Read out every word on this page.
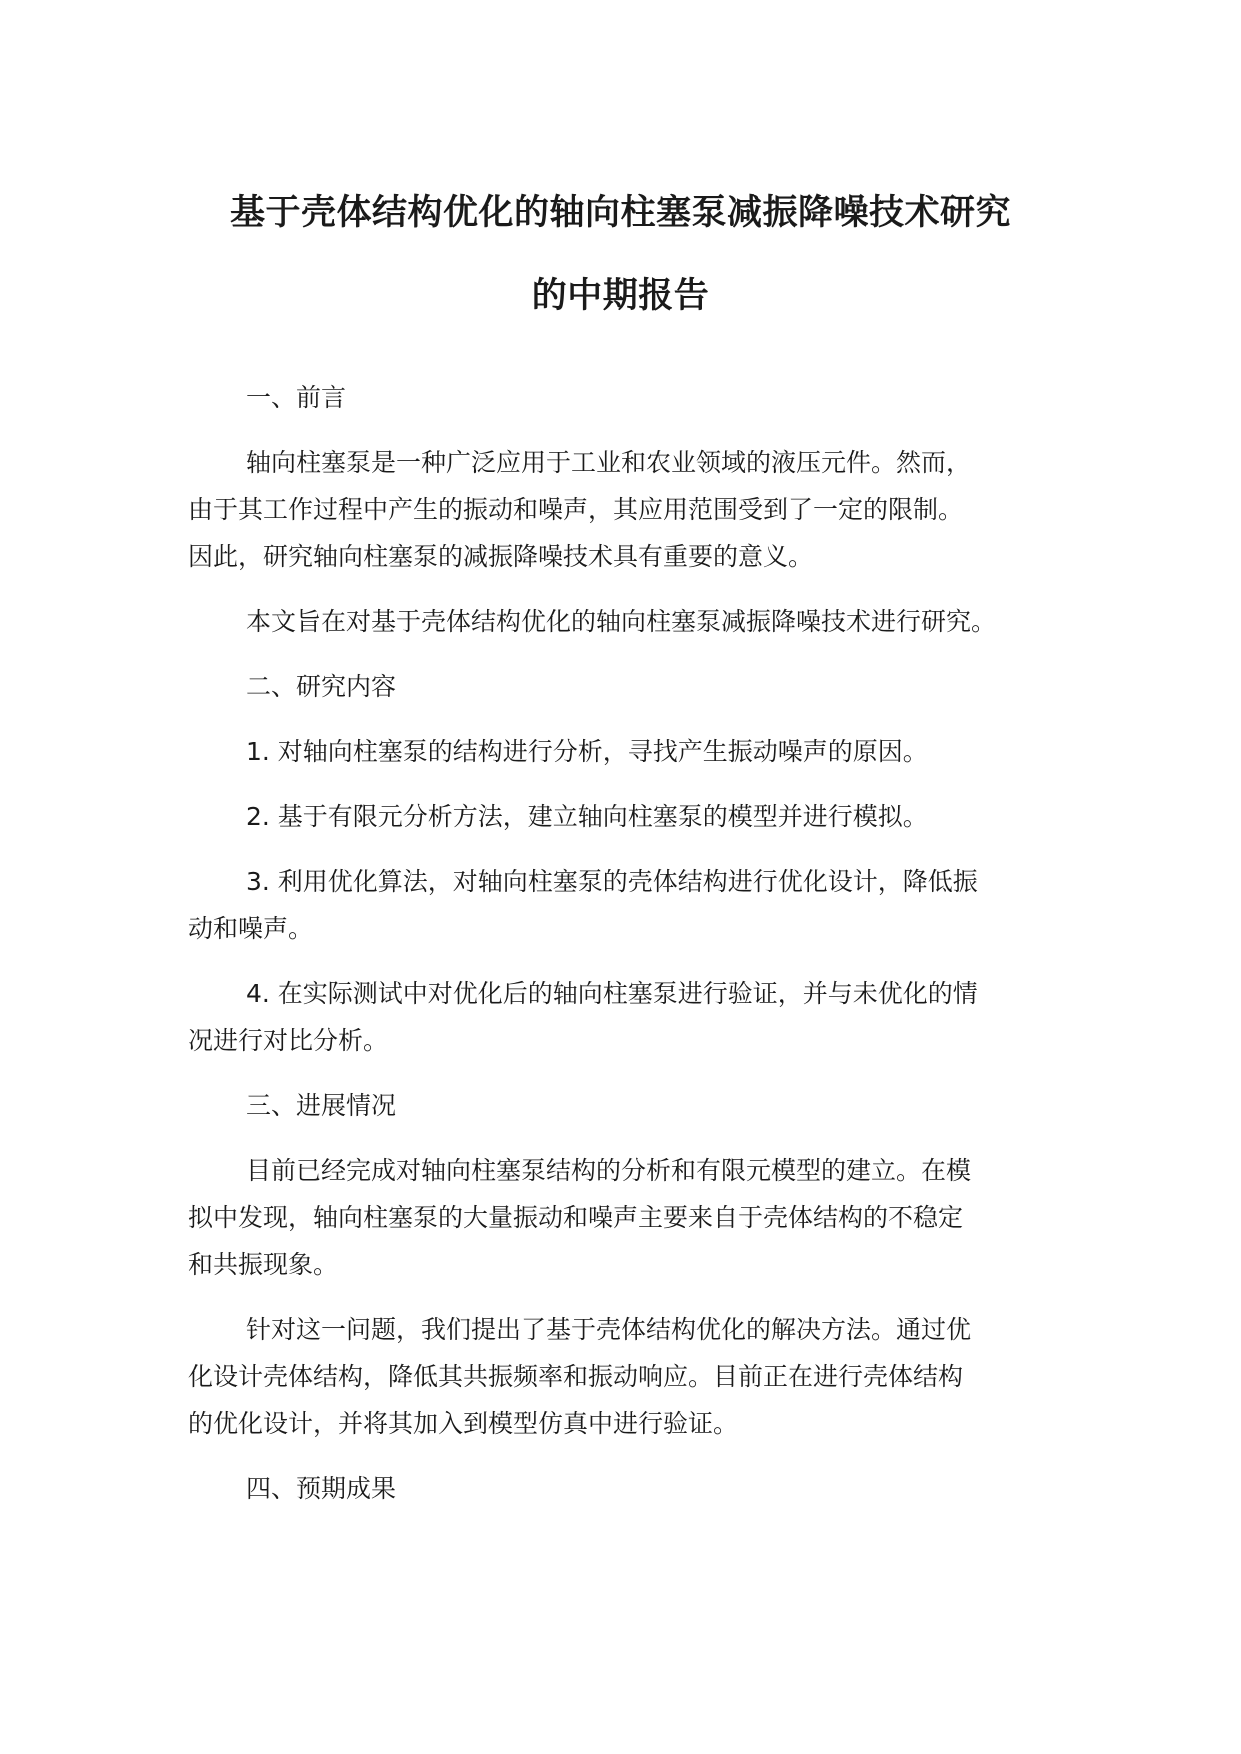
基于壳体结构优化的轴向柱塞泵减振降噪技术研究
的中期报告

一、前言

轴向柱塞泵是一种广泛应用于工业和农业领域的液压元件。然而，
由于其工作过程中产生的振动和噪声，其应用范围受到了一定的限制。
因此，研究轴向柱塞泵的减振降噪技术具有重要的意义。

本文旨在对基于壳体结构优化的轴向柱塞泵减振降噪技术进行研究。

二、研究内容

1. 对轴向柱塞泵的结构进行分析，寻找产生振动噪声的原因。

2. 基于有限元分析方法，建立轴向柱塞泵的模型并进行模拟。

3. 利用优化算法，对轴向柱塞泵的壳体结构进行优化设计，降低振
动和噪声。

4. 在实际测试中对优化后的轴向柱塞泵进行验证，并与未优化的情
况进行对比分析。

三、进展情况

目前已经完成对轴向柱塞泵结构的分析和有限元模型的建立。在模
拟中发现，轴向柱塞泵的大量振动和噪声主要来自于壳体结构的不稳定
和共振现象。

针对这一问题，我们提出了基于壳体结构优化的解决方法。通过优
化设计壳体结构，降低其共振频率和振动响应。目前正在进行壳体结构
的优化设计，并将其加入到模型仿真中进行验证。

四、预期成果
